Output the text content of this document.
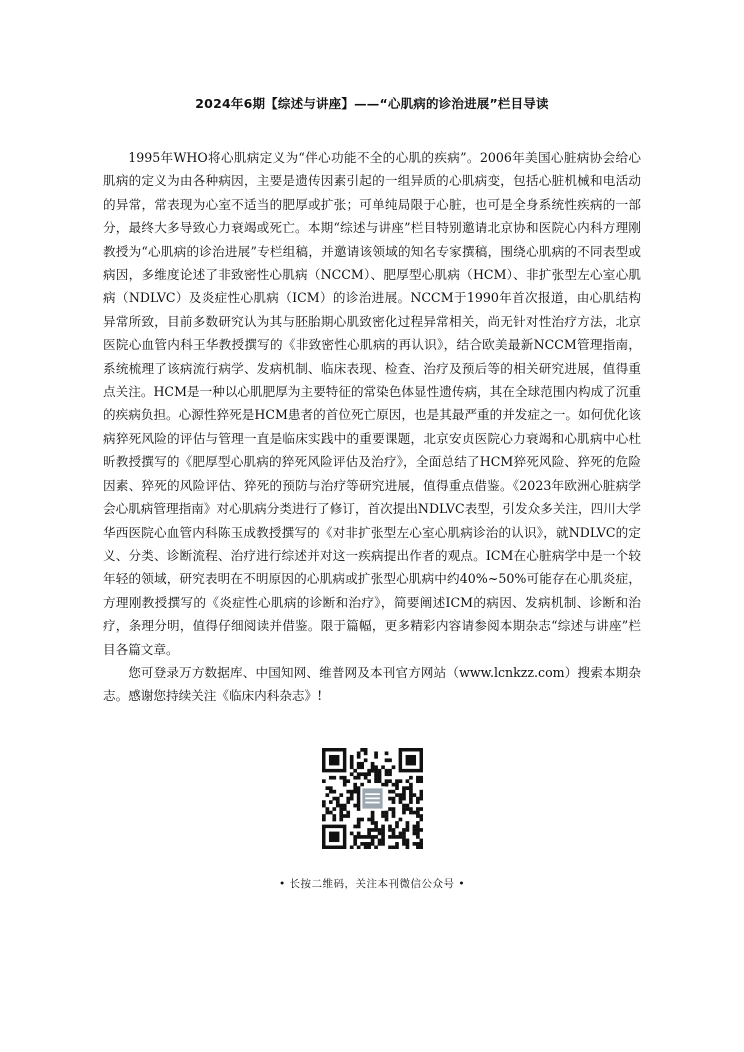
2024年6期【综述与讲座】——“心肌病的诊治进展”栏目导读

1995年WHO将心肌病定义为“伴心功能不全的心肌的疾病”。2006年美国心脏病协会给心肌病的定义为由各种病因，主要是遗传因素引起的一组异质的心肌病变，包括心脏机械和电活动的异常，常表现为心室不适当的肥厚或扩张；可单纯局限于心脏，也可是全身系统性疾病的一部分，最终大多导致心力衰竭或死亡。本期“综述与讲座”栏目特别邀请北京协和医院心内科方理刚教授为“心肌病的诊治进展”专栏组稿，并邀请该领域的知名专家撰稿，围绕心肌病的不同表型或病因，多维度论述了非致密性心肌病（NCCM）、肥厚型心肌病（HCM）、非扩张型左心室心肌病（NDLVC）及炎症性心肌病（ICM）的诊治进展。NCCM于1990年首次报道，由心肌结构异常所致，目前多数研究认为其与胚胎期心肌致密化过程异常相关，尚无针对性治疗方法，北京医院心血管内科王华教授撰写的《非致密性心肌病的再认识》，结合欧美最新NCCM管理指南，系统梳理了该病流行病学、发病机制、临床表现、检查、治疗及预后等的相关研究进展，值得重点关注。HCM是一种以心肌肥厚为主要特征的常染色体显性遗传病，其在全球范围内构成了沉重的疾病负担。心源性猝死是HCM患者的首位死亡原因，也是其最严重的并发症之一。如何优化该病猝死风险的评估与管理一直是临床实践中的重要课题，北京安贞医院心力衰竭和心肌病中心杜昕教授撰写的《肥厚型心肌病的猝死风险评估及治疗》，全面总结了HCM猝死风险、猝死的危险因素、猝死的风险评估、猝死的预防与治疗等研究进展，值得重点借鉴。《2023年欧洲心脏病学会心肌病管理指南》对心肌病分类进行了修订，首次提出NDLVC表型，引发众多关注，四川大学华西医院心血管内科陈玉成教授撰写的《对非扩张型左心室心肌病诊治的认识》，就NDLVC的定义、分类、诊断流程、治疗进行综述并对这一疾病提出作者的观点。ICM在心脏病学中是一个较年轻的领域，研究表明在不明原因的心肌病或扩张型心肌病中约40%~50%可能存在心肌炎症，方理刚教授撰写的《炎症性心肌病的诊断和治疗》，简要阐述ICM的病因、发病机制、诊断和治疗，条理分明，值得仔细阅读并借鉴。限于篇幅，更多精彩内容请参阅本期杂志“综述与讲座”栏目各篇文章。

您可登录万方数据库、中国知网、维普网及本刊官方网站（www.lcnkzz.com）搜索本期杂志。感谢您持续关注《临床内科杂志》!

• 长按二维码，关注本刊微信公众号 •
